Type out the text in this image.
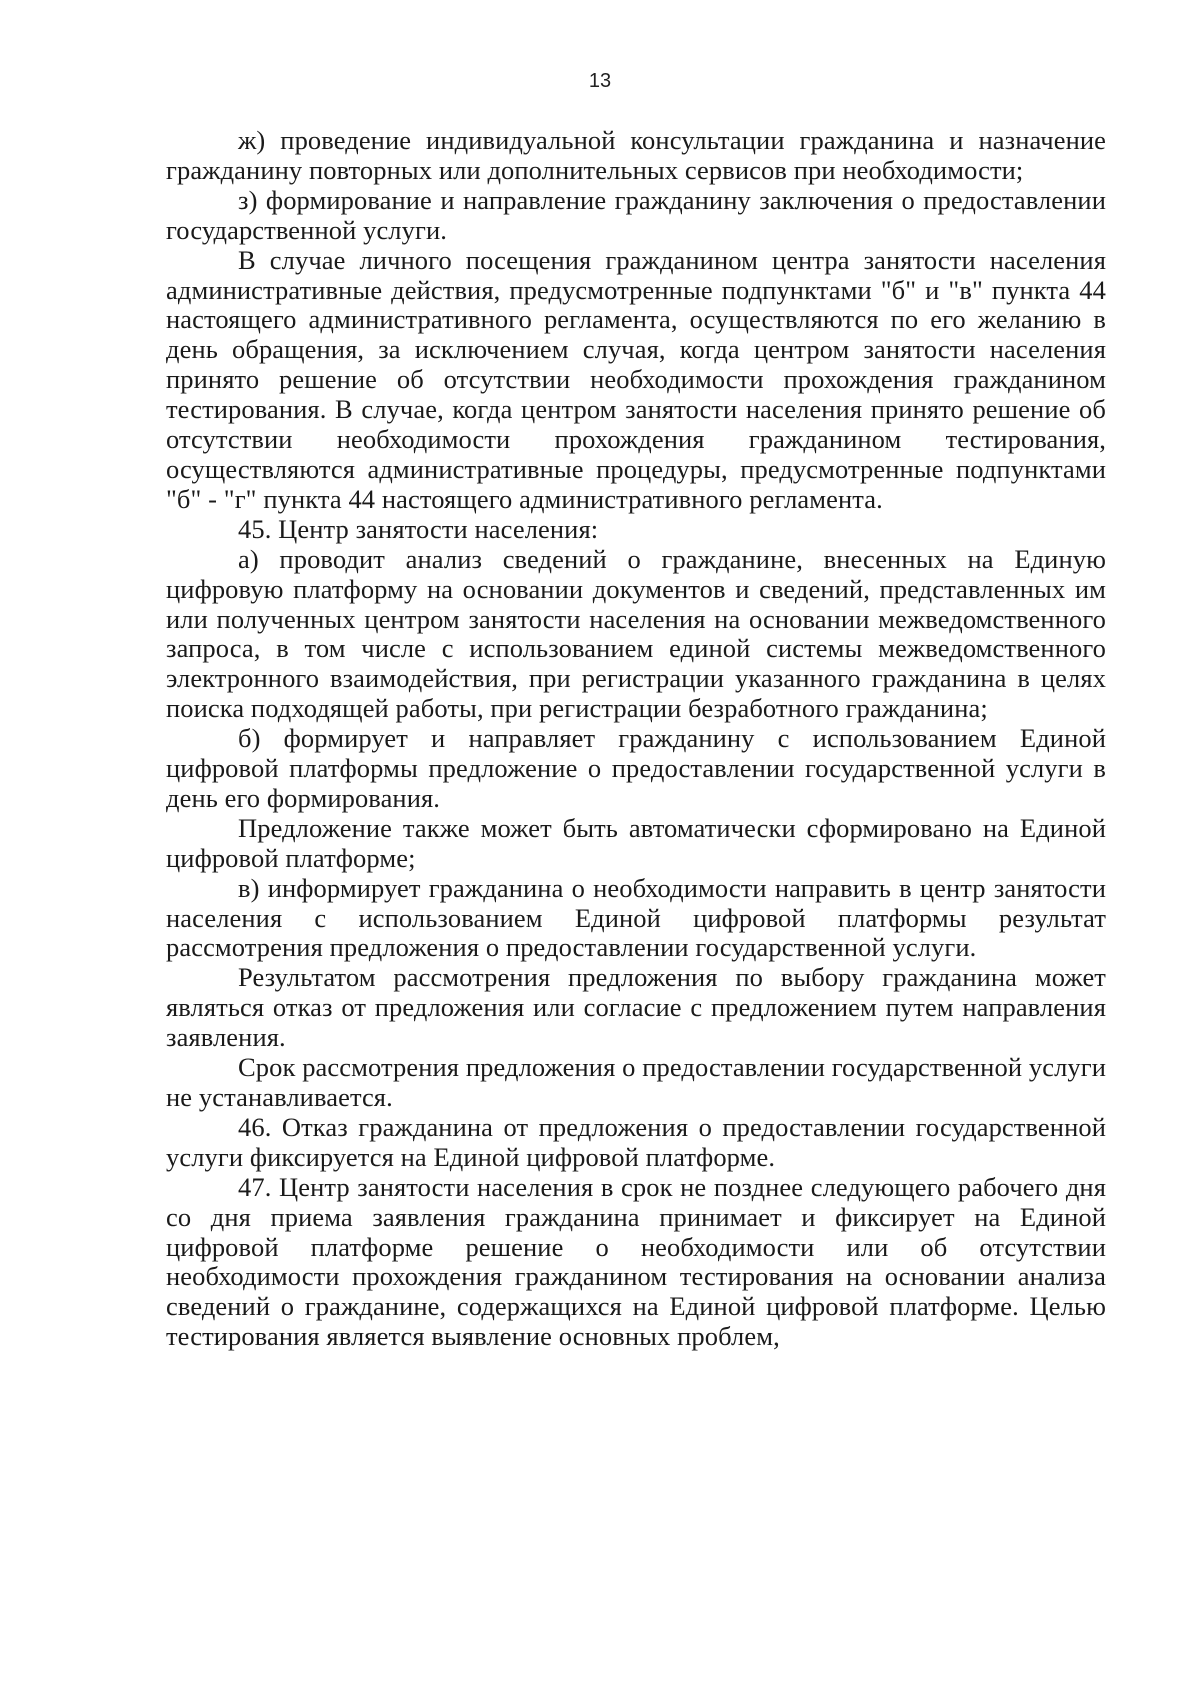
13

ж) проведение индивидуальной консультации гражданина и назначение гражданину повторных или дополнительных сервисов при необходимости;

з) формирование и направление гражданину заключения о предоставлении государственной услуги.

В случае личного посещения гражданином центра занятости населения административные действия, предусмотренные подпунктами "б" и "в" пункта 44 настоящего административного регламента, осуществляются по его желанию в день обращения, за исключением случая, когда центром занятости населения принято решение об отсутствии необходимости прохождения гражданином тестирования. В случае, когда центром занятости населения принято решение об отсутствии необходимости прохождения гражданином тестирования, осуществляются административные процедуры, предусмотренные подпунктами "б" - "г" пункта 44 настоящего административного регламента.

45. Центр занятости населения:

а) проводит анализ сведений о гражданине, внесенных на Единую цифровую платформу на основании документов и сведений, представленных им или полученных центром занятости населения на основании межведомственного запроса, в том числе с использованием единой системы межведомственного электронного взаимодействия, при регистрации указанного гражданина в целях поиска подходящей работы, при регистрации безработного гражданина;

б) формирует и направляет гражданину с использованием Единой цифровой платформы предложение о предоставлении государственной услуги в день его формирования.

Предложение также может быть автоматически сформировано на Единой цифровой платформе;

в) информирует гражданина о необходимости направить в центр занятости населения с использованием Единой цифровой платформы результат рассмотрения предложения о предоставлении государственной услуги.

Результатом рассмотрения предложения по выбору гражданина может являться отказ от предложения или согласие с предложением путем направления заявления.

Срок рассмотрения предложения о предоставлении государственной услуги не устанавливается.

46. Отказ гражданина от предложения о предоставлении государственной услуги фиксируется на Единой цифровой платформе.

47. Центр занятости населения в срок не позднее следующего рабочего дня со дня приема заявления гражданина принимает и фиксирует на Единой цифровой платформе решение о необходимости или об отсутствии необходимости прохождения гражданином тестирования на основании анализа сведений о гражданине, содержащихся на Единой цифровой платформе. Целью тестирования является выявление основных проблем,
